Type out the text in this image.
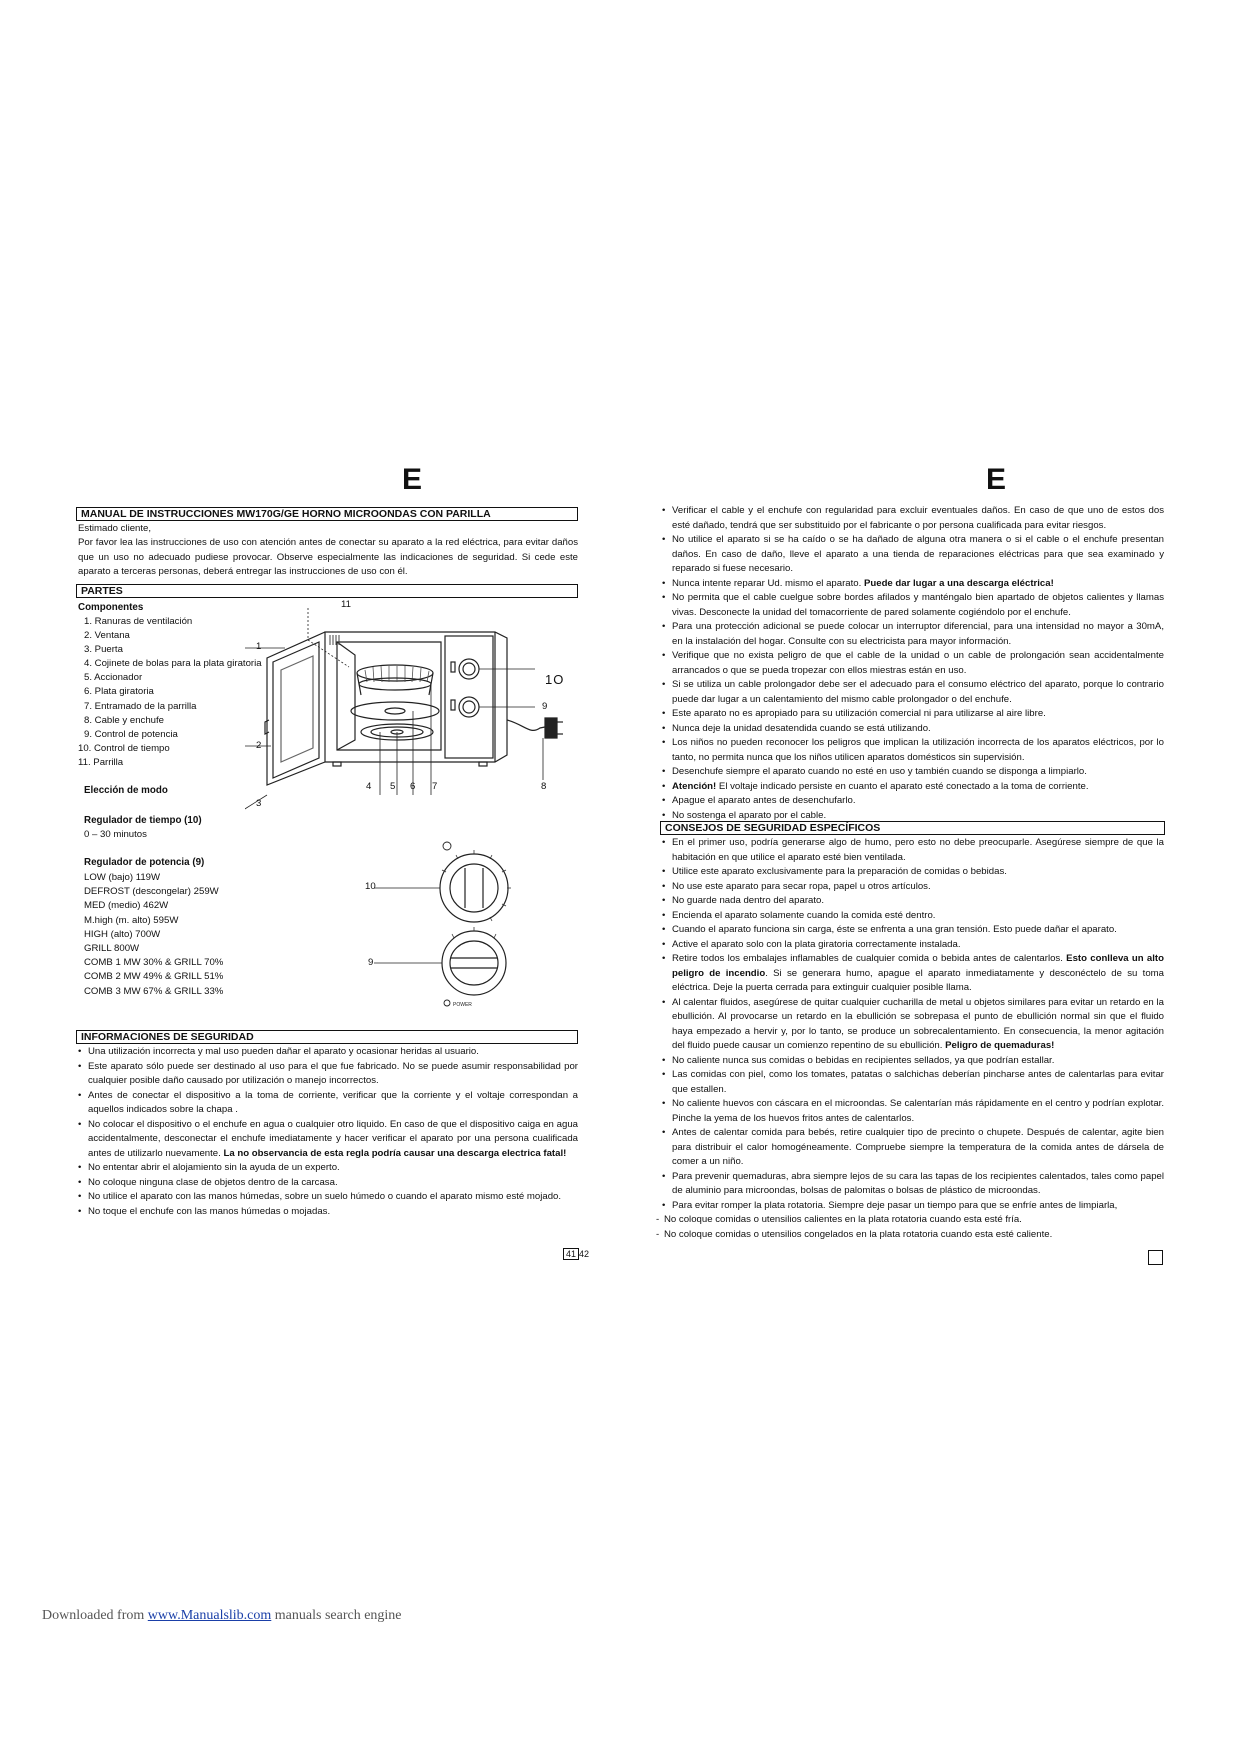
E
MANUAL DE INSTRUCCIONES MW170G/GE HORNO MICROONDAS CON PARILLA
Estimado cliente,
Por favor lea las instrucciones de uso con atención antes de conectar su aparato a la red eléctrica, para evitar daños que un uso no adecuado pudiese provocar. Observe especialmente las indicaciones de seguridad. Si cede este aparato a terceras personas, deberá entregar las instrucciones de uso con él.
PARTES
Componentes
1. Ranuras de ventilación
2. Ventana
3. Puerta
4. Cojinete de bolas para la plata giratoria
5. Accionador
6. Plata giratoria
7. Entramado de la parrilla
8. Cable y enchufe
9. Control de potencia
10. Control de tiempo
11. Parrilla
Elección de modo
Regulador de tiempo (10)
0 – 30 minutos
Regulador de potencia (9)
LOW (bajo) 119W
DEFROST (descongelar) 259W
MED (medio) 462W
M.high (m. alto) 595W
HIGH (alto) 700W
GRILL 800W
COMB 1 MW 30% & GRILL 70%
COMB 2 MW 49% & GRILL 51%
COMB 3 MW 67% & GRILL 33%
11
1
2
3
1O
9
4 5 6 7	8
POWER
10
9
INFORMACIONES DE SEGURIDAD
• Una utilización incorrecta y mal uso pueden dañar el aparato y ocasionar heridas al usuario.
• Este aparato sólo puede ser destinado al uso para el que fue fabricado. No se puede asumir responsabilidad por cualquier posible daño causado por utilización o manejo incorrectos.
• Antes de conectar el dispositivo a la toma de corriente, verificar que la corriente y el voltaje correspondan a aquellos indicados sobre la chapa .
• No colocar el dispositivo o el enchufe en agua o cualquier otro liquido. En caso de que el dispositivo caiga en agua accidentalmente, desconectar el enchufe imediatamente y hacer verificar el aparato por una persona cualificada antes de utilizarlo nuevamente. La no observancia de esta regla podría causar una descarga electrica fatal!
• No ententar abrir el alojamiento sin la ayuda de un experto.
• No coloque ninguna clase de objetos dentro de la carcasa.
• No utilice el aparato con las manos húmedas, sobre un suelo húmedo o cuando el aparato mismo esté mojado.
• No toque el enchufe con las manos húmedas o mojadas.
41 42
E
• Verificar el cable y el enchufe con regularidad para excluir eventuales daños. En caso de que uno de estos dos esté dañado, tendrá que ser substituido por el fabricante o por persona cualificada para evitar riesgos.
• No utilice el aparato si se ha caído o se ha dañado de alguna otra manera o si el cable o el enchufe presentan daños. En caso de daño, lleve el aparato a una tienda de reparaciones eléctricas para que sea examinado y reparado si fuese necesario.
• Nunca intente reparar Ud. mismo el aparato. Puede dar lugar a una descarga eléctrica!
• No permita que el cable cuelgue sobre bordes afilados y manténgalo bien apartado de objetos calientes y llamas vivas. Desconecte la unidad del tomacorriente de pared solamente cogiéndolo por el enchufe.
• Para una protección adicional se puede colocar un interruptor diferencial, para una intensidad no mayor a 30mA, en la instalación del hogar. Consulte con su electricista para mayor información.
• Verifique que no exista peligro de que el cable de la unidad o un cable de prolongación sean accidentalmente arrancados o que se pueda tropezar con ellos miestras están en uso.
• Si se utiliza un cable prolongador debe ser el adecuado para el consumo eléctrico del aparato, porque lo contrario puede dar lugar a un calentamiento del mismo cable prolongador o del enchufe.
• Este aparato no es apropiado para su utilización comercial ni para utilizarse al aire libre.
• Nunca deje la unidad desatendida cuando se está utilizando.
• Los niños no pueden reconocer los peligros que implican la utilización incorrecta de los aparatos eléctricos, por lo tanto, no permita nunca que los niños utilicen aparatos domésticos sin supervisión.
• Desenchufe siempre el aparato cuando no esté en uso y también cuando se disponga a limpiarlo.
• Atención! El voltaje indicado persiste en cuanto el aparato esté conectado a la toma de corriente.
• Apague el aparato antes de desenchufarlo.
• No sostenga el aparato por el cable.
CONSEJOS DE SEGURIDAD ESPECÍFICOS
• En el primer uso, podría generarse algo de humo, pero esto no debe preocuparle. Asegúrese siempre de que la habitación en que utilice el aparato esté bien ventilada.
• Utilice este aparato exclusivamente para la preparación de comidas o bebidas.
• No use este aparato para secar ropa, papel u otros artículos.
• No guarde nada dentro del aparato.
• Encienda el aparato solamente cuando la comida esté dentro.
• Cuando el aparato funciona sin carga, éste se enfrenta a una gran tensión. Esto puede dañar el aparato.
• Active el aparato solo con la plata giratoria correctamente instalada.
• Retire todos los embalajes inflamables de cualquier comida o bebida antes de calentarlos. Esto conlleva un alto peligro de incendio. Si se generara humo, apague el aparato inmediatamente y desconéctelo de su toma eléctrica. Deje la puerta cerrada para extinguir cualquier posible llama.
• Al calentar fluidos, asegúrese de quitar cualquier cucharilla de metal u objetos similares para evitar un retardo en la ebullición. Al provocarse un retardo en la ebullición se sobrepasa el punto de ebullición normal sin que el fluido haya empezado a hervir y, por lo tanto, se produce un sobrecalentamiento. En consecuencia, la menor agitación del fluido puede causar un comienzo repentino de su ebullición. Peligro de quemaduras!
• No caliente nunca sus comidas o bebidas en recipientes sellados, ya que podrían estallar.
• Las comidas con piel, como los tomates, patatas o salchichas deberían pincharse antes de calentarlas para evitar que estallen.
• No caliente huevos con cáscara en el microondas. Se calentarían más rápidamente en el centro y podrían explotar. Pinche la yema de los huevos fritos antes de calentarlos.
• Antes de calentar comida para bebés, retire cualquier tipo de precinto o chupete. Después de calentar, agite bien para distribuir el calor homogéneamente. Compruebe siempre la temperatura de la comida antes de dársela de comer a un niño.
• Para prevenir quemaduras, abra siempre lejos de su cara las tapas de los recipientes calentados, tales como papel de aluminio para microondas, bolsas de palomitas o bolsas de plástico de microondas.
• Para evitar romper la plata rotatoria. Siempre deje pasar un tiempo para que se enfríe antes de limpiarla,
- No coloque comidas o utensilios calientes en la plata rotatoria cuando esta esté fría.
- No coloque comidas o utensilios congelados en la plata rotatoria cuando esta esté caliente.
Downloaded from www.Manualslib.com manuals search engine
